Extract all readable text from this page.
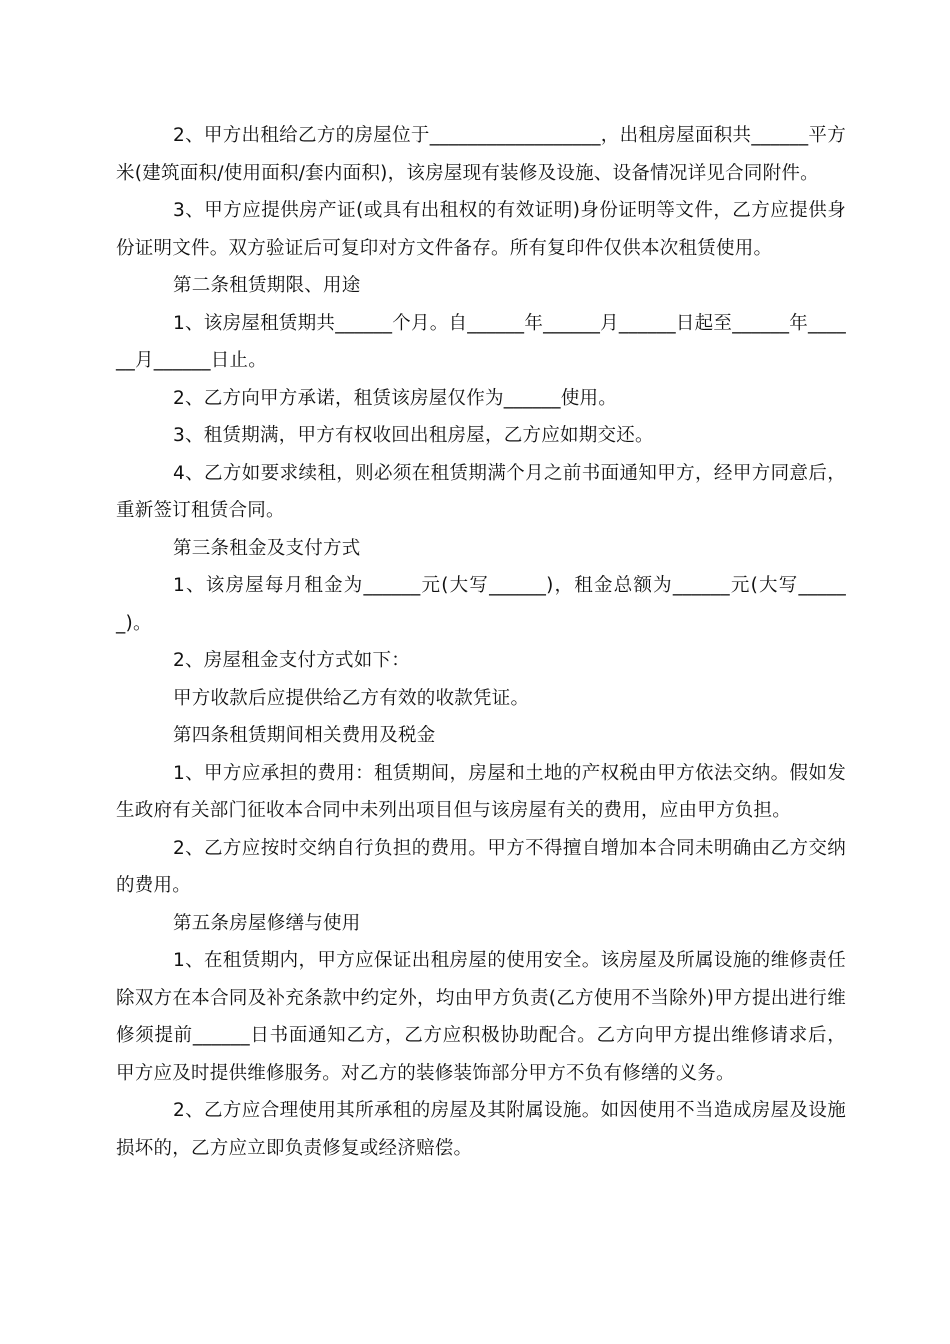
2、甲方出租给乙方的房屋位于__________________，出租房屋面积共______平方米(建筑面积/使用面积/套内面积)，该房屋现有装修及设施、设备情况详见合同附件。

3、甲方应提供房产证(或具有出租权的有效证明)身份证明等文件，乙方应提供身份证明文件。双方验证后可复印对方文件备存。所有复印件仅供本次租赁使用。

第二条租赁期限、用途

1、该房屋租赁期共______个月。自______年______月______日起至______年______月______日止。

2、乙方向甲方承诺，租赁该房屋仅作为______使用。

3、租赁期满，甲方有权收回出租房屋，乙方应如期交还。

4、乙方如要求续租，则必须在租赁期满个月之前书面通知甲方，经甲方同意后，重新签订租赁合同。

第三条租金及支付方式

1、该房屋每月租金为______元(大写______)，租金总额为______元(大写______)。

2、房屋租金支付方式如下：

甲方收款后应提供给乙方有效的收款凭证。

第四条租赁期间相关费用及税金

1、甲方应承担的费用：租赁期间，房屋和土地的产权税由甲方依法交纳。假如发生政府有关部门征收本合同中未列出项目但与该房屋有关的费用，应由甲方负担。

2、乙方应按时交纳自行负担的费用。甲方不得擅自增加本合同未明确由乙方交纳的费用。

第五条房屋修缮与使用

1、在租赁期内，甲方应保证出租房屋的使用安全。该房屋及所属设施的维修责任除双方在本合同及补充条款中约定外，均由甲方负责(乙方使用不当除外)甲方提出进行维修须提前______日书面通知乙方，乙方应积极协助配合。乙方向甲方提出维修请求后，甲方应及时提供维修服务。对乙方的装修装饰部分甲方不负有修缮的义务。

2、乙方应合理使用其所承租的房屋及其附属设施。如因使用不当造成房屋及设施损坏的，乙方应立即负责修复或经济赔偿。
